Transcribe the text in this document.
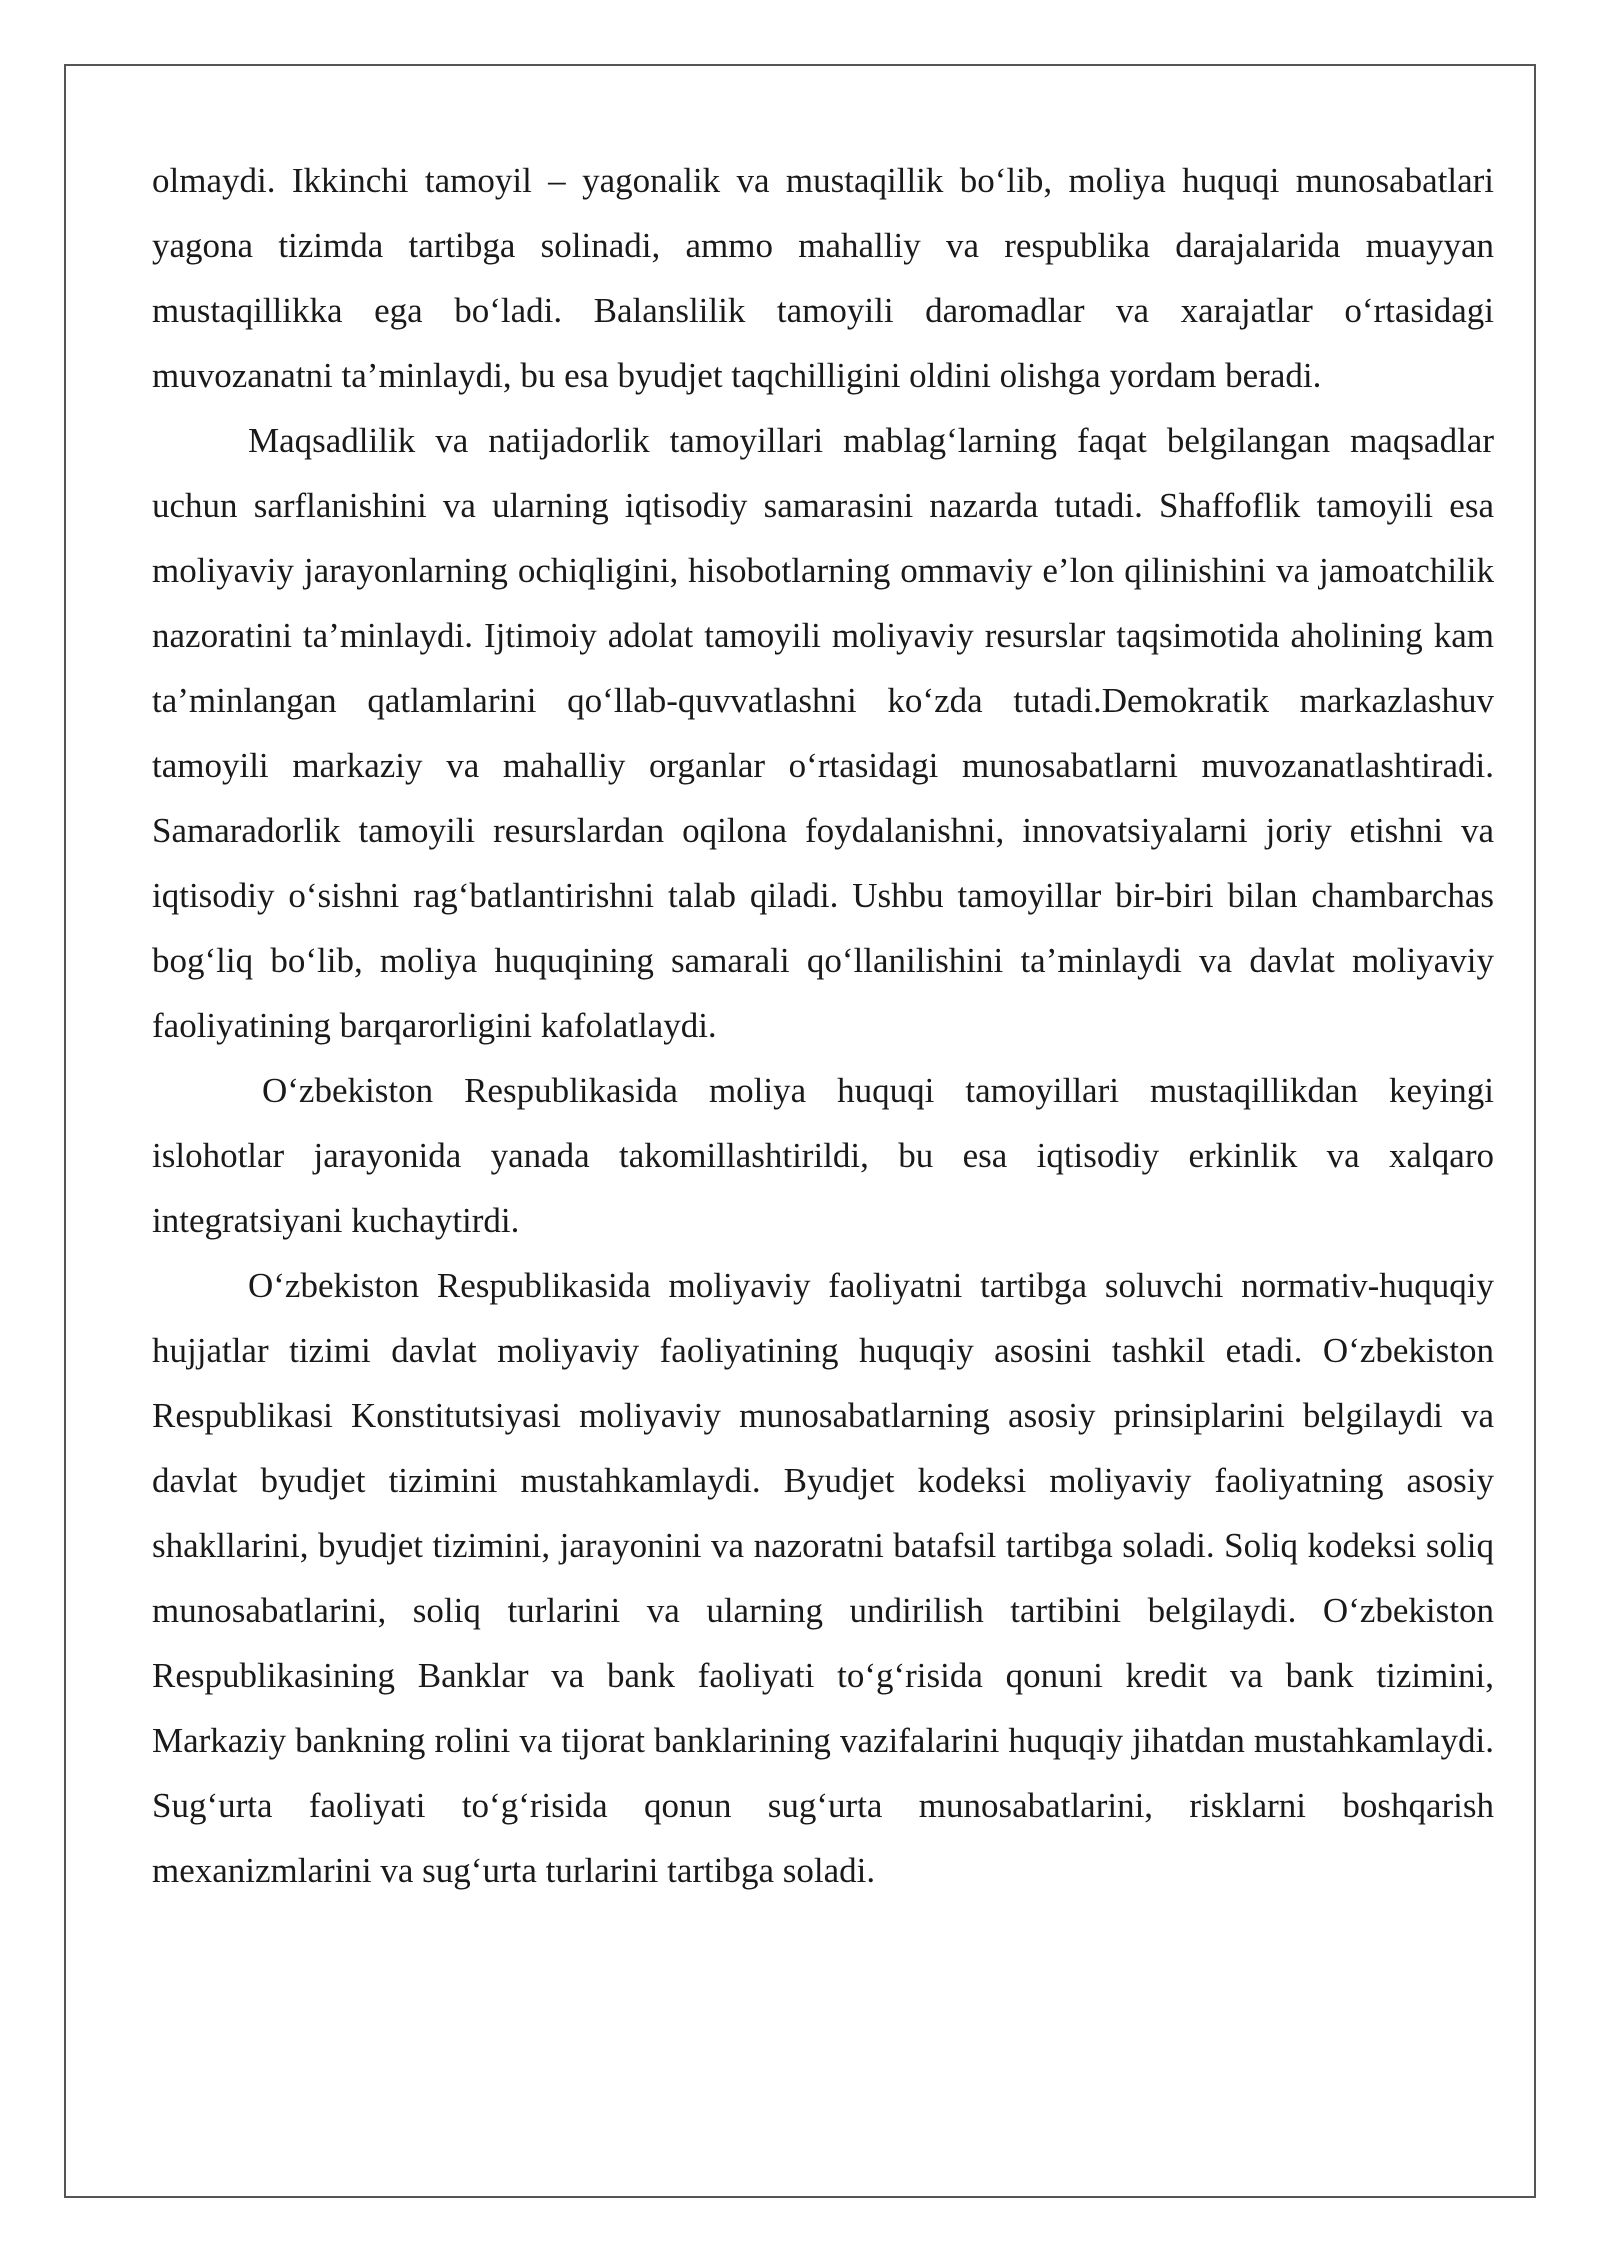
olmaydi. Ikkinchi tamoyil – yagonalik va mustaqillik boʻlib, moliya huquqi munosabatlari yagona tizimda tartibga solinadi, ammo mahalliy va respublika darajalarida muayyan mustaqillikka ega boʻladi. Balanslilik tamoyili daromadlar va xarajatlar oʻrtasidagi muvozanatni ta’minlaydi, bu esa byudjet taqchilligini oldini olishga yordam beradi.

Maqsadlilik va natijadorlik tamoyillari mablagʻlarning faqat belgilangan maqsadlar uchun sarflanishini va ularning iqtisodiy samarasini nazarda tutadi. Shaffoflik tamoyili esa moliyaviy jarayonlarning ochiqligini, hisobotlarning ommaviy e’lon qilinishini va jamoatchilik nazoratini ta’minlaydi. Ijtimoiy adolat tamoyili moliyaviy resurslar taqsimotida aholining kam ta’minlangan qatlamlarini qoʻllab-quvvatlashni koʻzda tutadi.Demokratik markazlashuv tamoyili markaziy va mahalliy organlar oʻrtasidagi munosabatlarni muvozanatlashtiradi. Samaradorlik tamoyili resurslardan oqilona foydalanishni, innovatsiyalarni joriy etishni va iqtisodiy oʻsishni ragʻbatlantirishni talab qiladi. Ushbu tamoyillar bir-biri bilan chambarchas bogʻliq boʻlib, moliya huquqining samarali qoʻllanilishini ta’minlaydi va davlat moliyaviy faoliyatining barqarorligini kafolatlaydi.

Oʻzbekiston Respublikasida moliya huquqi tamoyillari mustaqillikdan keyingi islohotlar jarayonida yanada takomillashtirildi, bu esa iqtisodiy erkinlik va xalqaro integratsiyani kuchaytirdi.

Oʻzbekiston Respublikasida moliyaviy faoliyatni tartibga soluvchi normativ-huquqiy hujjatlar tizimi davlat moliyaviy faoliyatining huquqiy asosini tashkil etadi. Oʻzbekiston Respublikasi Konstitutsiyasi moliyaviy munosabatlarning asosiy prinsiplarini belgilaydi va davlat byudjet tizimini mustahkamlaydi. Byudjet kodeksi moliyaviy faoliyatning asosiy shakllarini, byudjet tizimini, jarayonini va nazoratni batafsil tartibga soladi. Soliq kodeksi soliq munosabatlarini, soliq turlarini va ularning undirilish tartibini belgilaydi. Oʻzbekiston Respublikasining Banklar va bank faoliyati toʻgʻrisida qonuni kredit va bank tizimini, Markaziy bankning rolini va tijorat banklarining vazifalarini huquqiy jihatdan mustahkamlaydi. Sugʻurta faoliyati toʻgʻrisida qonun sugʻurta munosabatlarini, risklarni boshqarish mexanizmlarini va sugʻurta turlarini tartibga soladi.
